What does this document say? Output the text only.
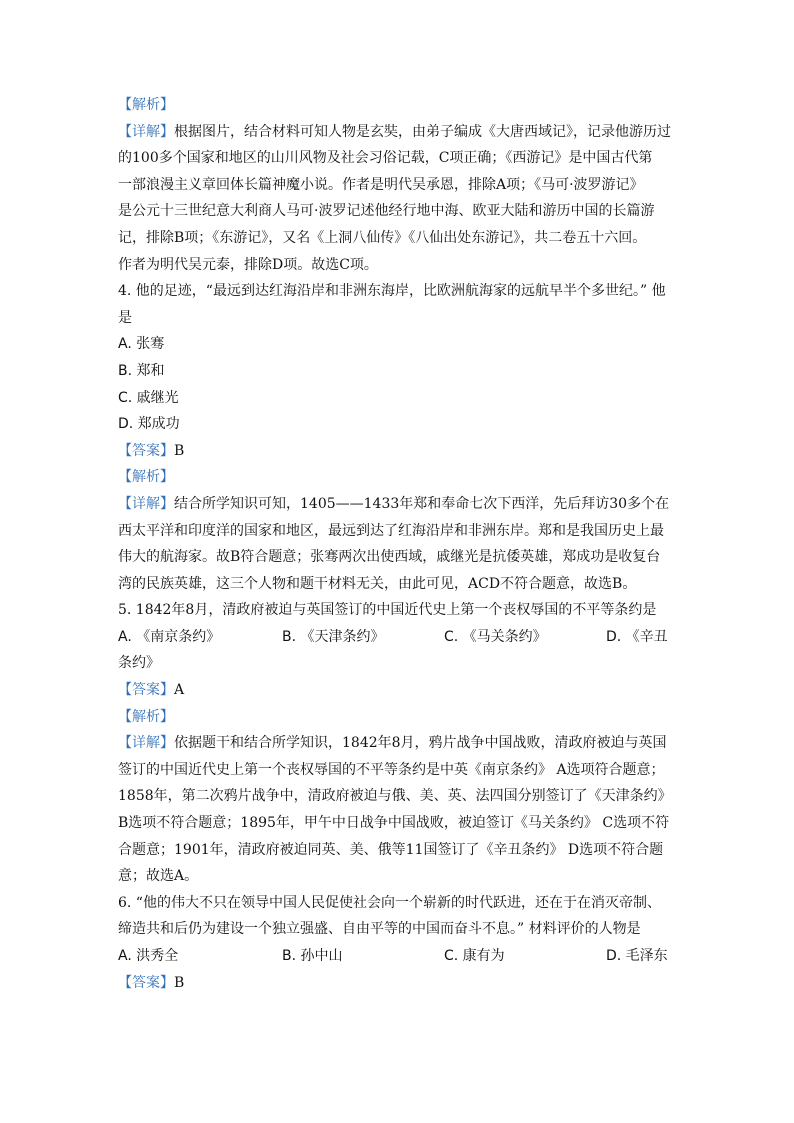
【解析】
【详解】根据图片，结合材料可知人物是玄奘，由弟子编成《大唐西域记》，记录他游历过
的100多个国家和地区的山川风物及社会习俗记载，C项正确；《西游记》是中国古代第
一部浪漫主义章回体长篇神魔小说。作者是明代吴承恩，排除A项；《马可·波罗游记》
是公元十三世纪意大利商人马可·波罗记述他经行地中海、欧亚大陆和游历中国的长篇游
记，排除B项；《东游记》，又名《上洞八仙传》《八仙出处东游记》，共二卷五十六回。
作者为明代吴元泰，排除D项。故选C项。
4. 他的足迹，“最远到达红海沿岸和非洲东海岸，比欧洲航海家的远航早半个多世纪。” 他
是
A. 张骞
B. 郑和
C. 戚继光
D. 郑成功
【答案】B
【解析】
【详解】结合所学知识可知，1405——1433年郑和奉命七次下西洋，先后拜访30多个在
西太平洋和印度洋的国家和地区，最远到达了红海沿岸和非洲东岸。郑和是我国历史上最
伟大的航海家。故B符合题意；张骞两次出使西域，戚继光是抗倭英雄，郑成功是收复台
湾的民族英雄，这三个人物和题干材料无关，由此可见，ACD不符合题意，故选B。
5. 1842年8月，清政府被迫与英国签订的中国近代史上第一个丧权辱国的不平等条约是
A. 《南京条约》	B. 《天津条约》	C. 《马关条约》	D. 《辛丑
条约》
【答案】A
【解析】
【详解】依据题干和结合所学知识，1842年8月，鸦片战争中国战败，清政府被迫与英国
签订的中国近代史上第一个丧权辱国的不平等条约是中英《南京条约》 A选项符合题意；
1858年，第二次鸦片战争中，清政府被迫与俄、美、英、法四国分别签订了《天津条约》
B选项不符合题意；1895年，甲午中日战争中国战败，被迫签订《马关条约》 C选项不符
合题意；1901年，清政府被迫同英、美、俄等11国签订了《辛丑条约》 D选项不符合题
意；故选A。
6. “他的伟大不只在领导中国人民促使社会向一个崭新的时代跃进，还在于在消灭帝制、
缔造共和后仍为建设一个独立强盛、自由平等的中国而奋斗不息。” 材料评价的人物是
A. 洪秀全	B. 孙中山	C. 康有为	D. 毛泽东
【答案】B
